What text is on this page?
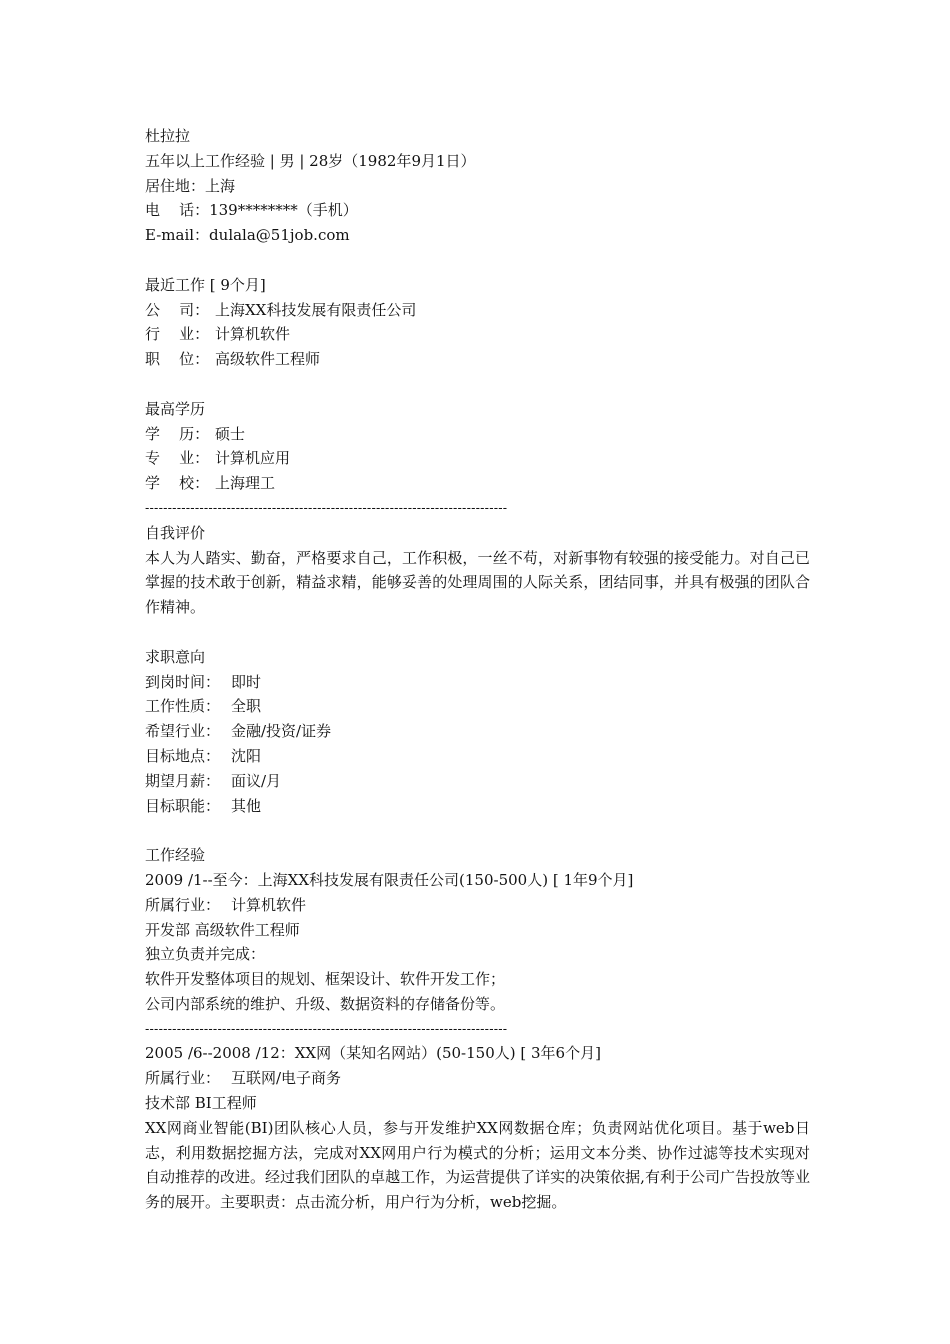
杜拉拉
五年以上工作经验 | 男 | 28岁（1982年9月1日）
居住地：上海
电    话：139********（手机）
E-mail：dulala@51job.com
最近工作 [ 9个月]
公    司： 上海XX科技发展有限责任公司
行    业： 计算机软件
职    位： 高级软件工程师
最高学历
学    历： 硕士
专    业： 计算机应用
学    校： 上海理工
--------------------------------------------------------------------------------
自我评价
本人为人踏实、勤奋，严格要求自己，工作积极，一丝不苟，对新事物有较强的接受能力。对自己已掌握的技术敢于创新，精益求精，能够妥善的处理周围的人际关系，团结同事，并具有极强的团队合作精神。
求职意向
到岗时间： 即时
工作性质： 全职
希望行业： 金融/投资/证券
目标地点： 沈阳
期望月薪： 面议/月
目标职能： 其他
工作经验
2009 /1--至今：上海XX科技发展有限责任公司(150-500人) [ 1年9个月]
所属行业： 计算机软件
开发部 高级软件工程师
独立负责并完成：
软件开发整体项目的规划、框架设计、软件开发工作；
公司内部系统的维护、升级、数据资料的存储备份等。
--------------------------------------------------------------------------------
2005 /6--2008 /12：XX网（某知名网站）(50-150人) [ 3年6个月]
所属行业： 互联网/电子商务
技术部 BI工程师
XX网商业智能(BI)团队核心人员，参与开发维护XX网数据仓库；负责网站优化项目。基于web日志，利用数据挖掘方法，完成对XX网用户行为模式的分析；运用文本分类、协作过滤等技术实现对自动推荐的改进。经过我们团队的卓越工作，为运营提供了详实的决策依据,有利于公司广告投放等业务的展开。主要职责：点击流分析，用户行为分析，web挖掘。
